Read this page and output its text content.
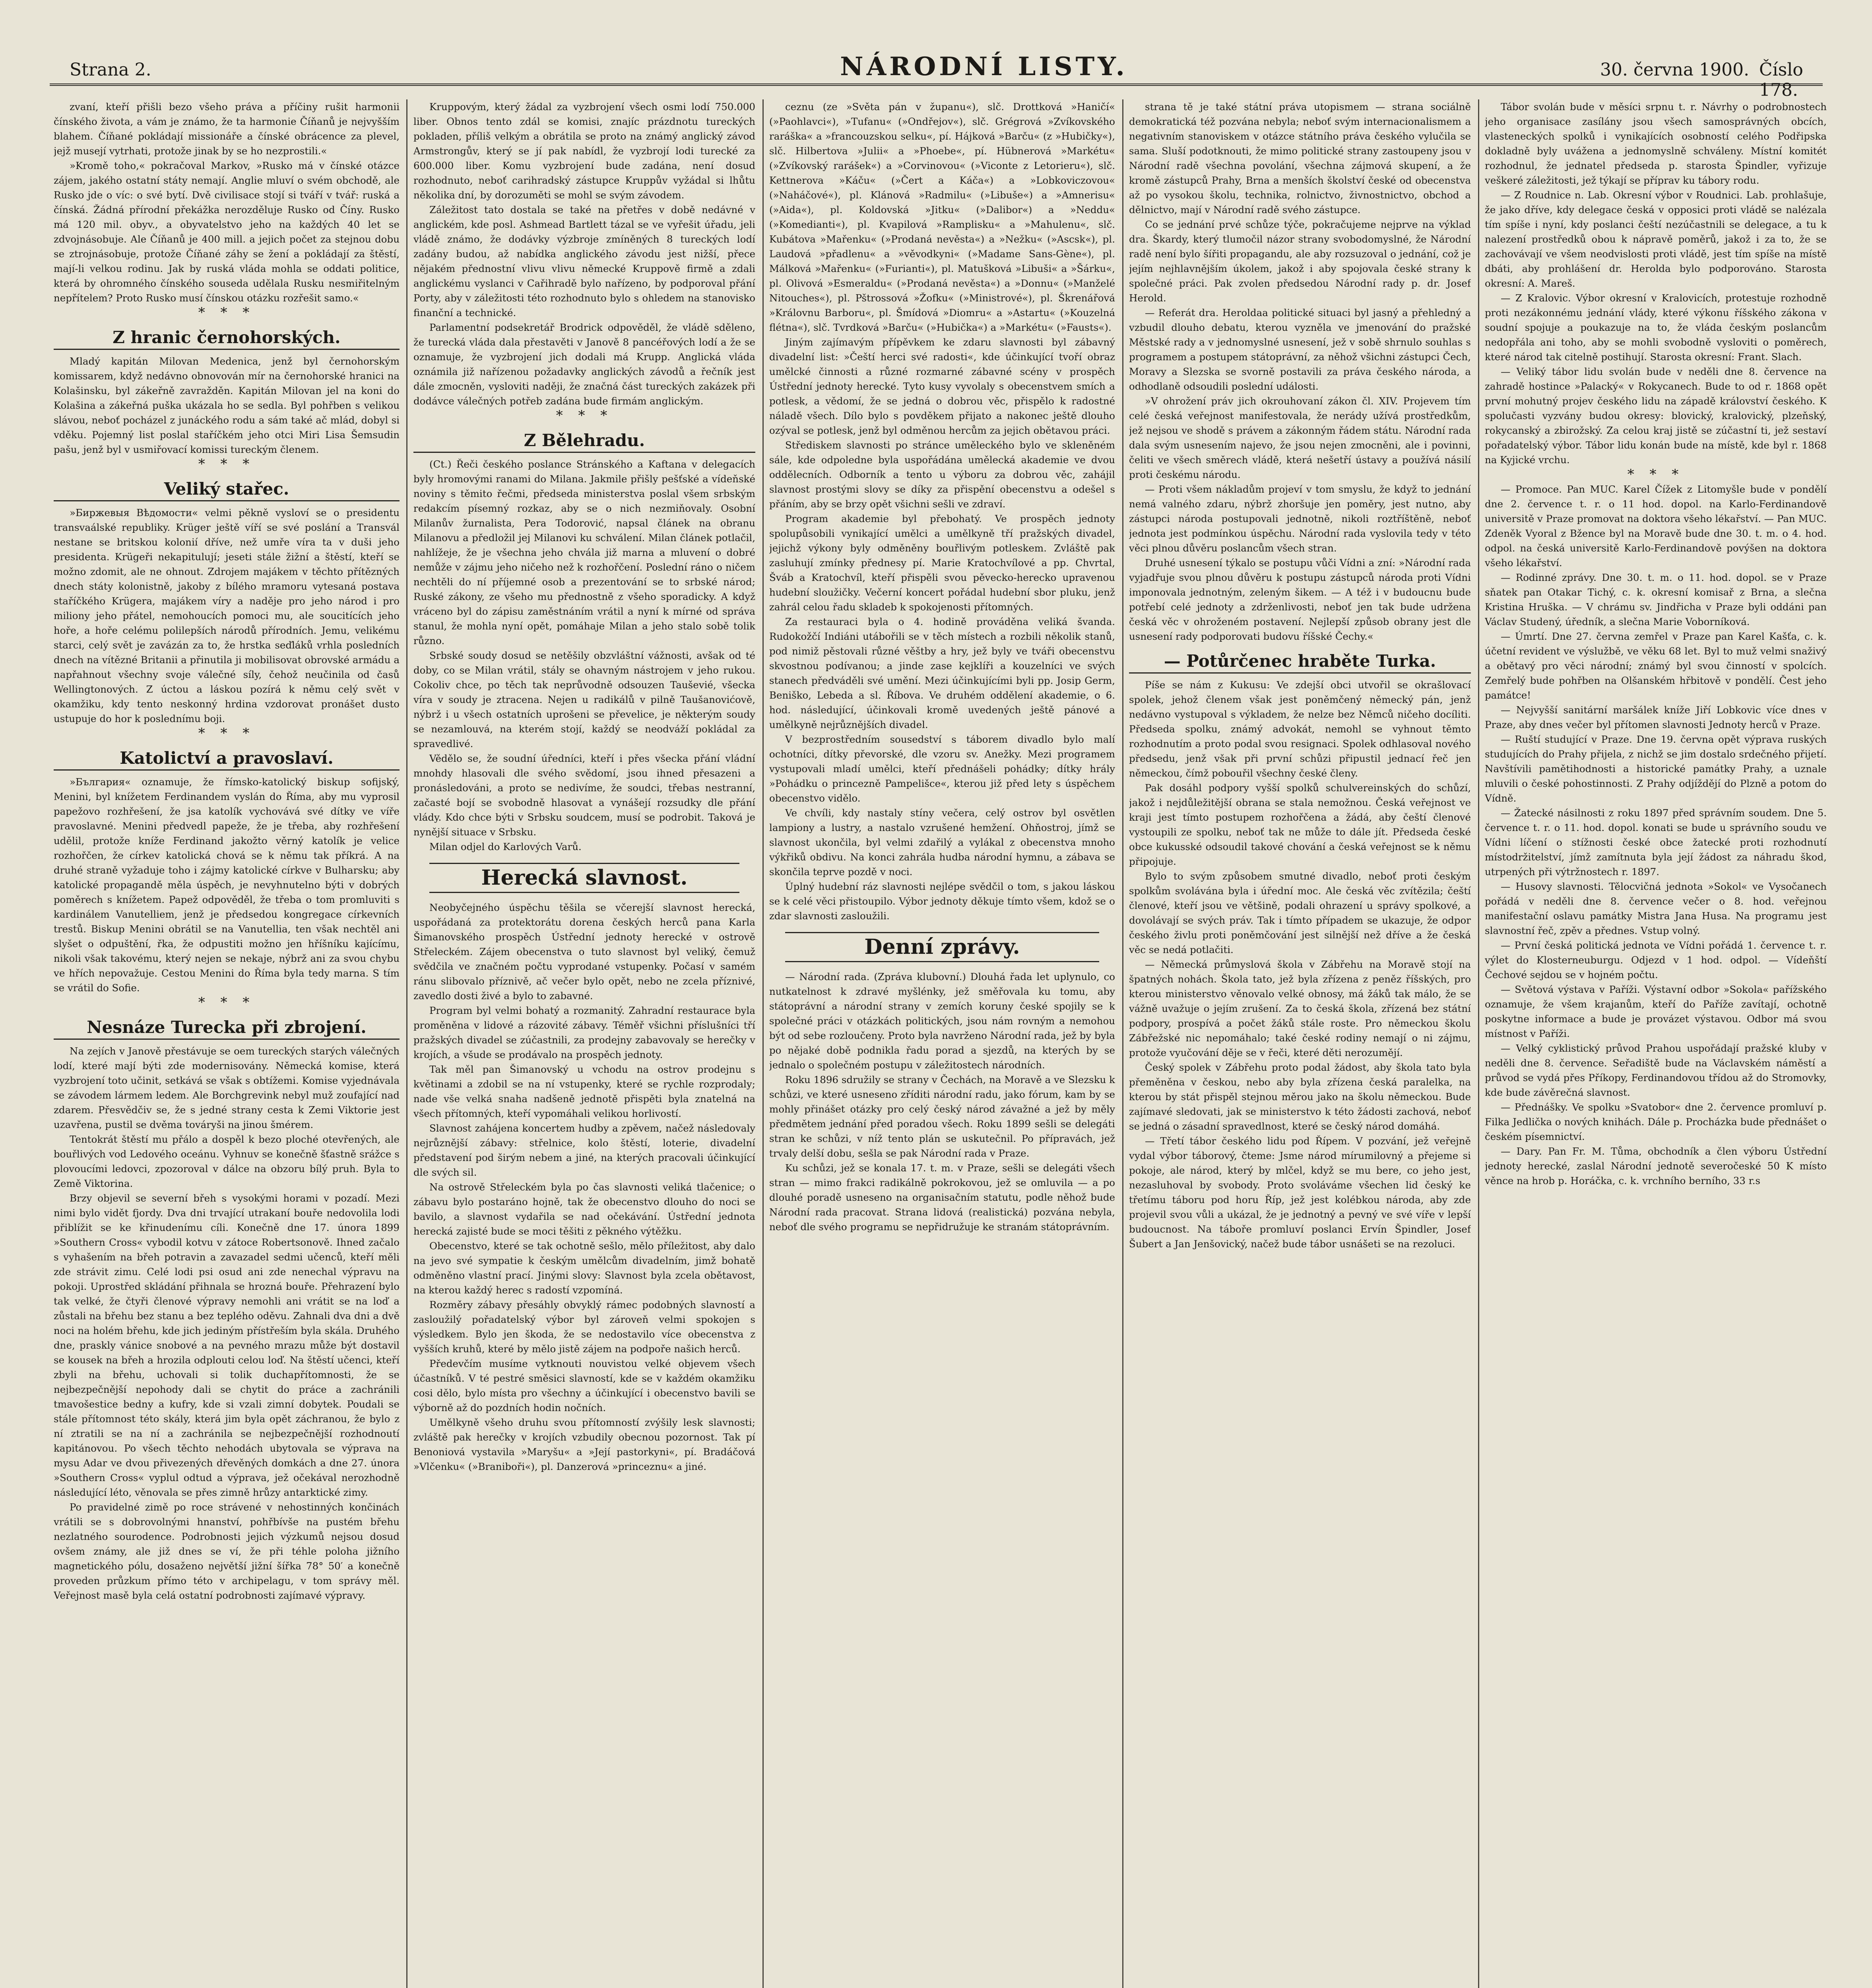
Strana 2.	NÁRODNÍ LISTY.	30. června 1900. Číslo 178.

zvaní, kteří přišli bezo všeho práva a příčiny rušit harmonii čínského života, a vám je známo, že ta harmonie Číňanů je nejvyšším blahem. Číňané pokládají missionáře a čínské obrácence za plevel, jejž musejí vytrhati, protože jinak by se ho nezprostili.«

»Kromě toho,« pokračoval Markov, »Rusko má v čínské otázce zájem, jakého ostatní státy nemají. Anglie mluví o svém obchodě, ale Rusko jde o víc: o své bytí. Dvě civilisace stojí si tváří v tvář: ruská a čínská. Žádná přírodní překážka nerozděluje Rusko od Číny. Rusko má 120 mil. obyv., a obyvatelstvo jeho na každých 40 let se zdvojnásobuje. Ale Číňanů je 400 mill. a jejich počet za stejnou dobu se ztrojnásobuje, protože Číňané záhy se žení a pokládají za štěstí, mají-li velkou rodinu. Jak by ruská vláda mohla se oddati politice, která by ohromného čínského souseda udělala Rusku nesmiřitelným nepřítelem? Proto Rusko musí čínskou otázku rozřešit samo.«

* * *
Z hranic černohorských.

Mladý kapitán Milovan Medenica, jenž byl černohorským komissarem, když nedávno obnovován mír na černohorské hranici na Kolašinsku, byl zákeřně zavražděn. Kapitán Milovan jel na koni do Kolašina a zákeřná puška ukázala ho se sedla. Byl pohřben s velikou slávou, neboť pocházel z junáckého rodu a sám také ač mlád, dobyl si vděku. Pojemný list poslal staříčkém jeho otci Miri Lisa Šemsudin pašu, jenž byl v usmiřovací komissi tureckým členem.

* * *
Veliký stařec.

»Биржевыя Вѣдомости« velmi pěkně vysloví se o presidentu transvaálské republiky. Krüger ještě víří se své poslání a Transvál nestane se britskou kolonií dříve, než umře víra ta v duši jeho presidenta. Krügeři nekapitulují; jeseti stále žižní a štěstí, kteří se možno zdomit, ale ne ohnout. Zdrojem majákem v těchto přítězných dnech státy kolonistně, jakoby z bílého mramoru vytesaná postava staříčkého Krügera, majákem víry a naděje pro jeho národ i pro miliony jeho přátel, nemohoucích pomoci mu, ale soucitících jeho hoře, a hoře celému polilepších národů přírodních. Jemu, velikému starci, celý svět je zavázán za to, že hrstka seďláků vrhla posledních dnech na vítězné Britanii a přinutila ji mobilisovat obrovské armádu a napřahnout všechny svoje válečné síly, čehož neučinila od časů Wellingtonových. Z úctou a láskou pozírá k němu celý svět v okamžiku, kdy tento neskonný hrdina vzdorovat pronášet dusto ustupuje do hor k poslednímu boji.

* * *
Katolictví a pravoslaví.

»България« oznamuje, že římsko-katolický biskup sofijský, Menini, byl knížetem Ferdinandem vyslán do Říma, aby mu vyprosil papežovo rozhřešení, že jsa katolík vychovává své dítky ve víře pravoslavné. Menini předvedl papeže, že je třeba, aby rozhřešení udělil, protože kníže Ferdinand jakožto věrný katolík je velice rozhořčen, že církev katolická chová se k němu tak příkrá. A na druhé straně vyžaduje toho i zájmy katolické církve v Bulharsku; aby katolické propagandě měla úspěch, je nevyhnutelno býti v dobrých poměrech s knížetem. Papež odpověděl, že třeba o tom promluviti s kardinálem Vanutelliem, jenž je předsedou kongregace církevních trestů. Biskup Menini obrátil se na Vanutellia, ten však nechtěl ani slyšet o odpuštění, řka, že odpustiti možno jen hříšníku kajícímu, nikoli však takovému, který nejen se nekaje, nýbrž ani za svou chybu ve hřích nepovažuje. Cestou Menini do Říma byla tedy marna. S tím se vrátil do Sofie.

* * *
Nesnáze Turecka při zbrojení.

Na zejích v Janově přestávuje se oem tureckých starých válečných lodí, které mají býti zde modernisovány. Německá komise, která vyzbrojení toto učinit, setkává se však s obtížemi. Komise vyjednávala se závodem lármem ledem. Ale Borchgrevink nebyl muž zoufající nad zdarem. Přesvědčiv se, že s jedné strany cesta k Zemi Viktorie jest uzavřena, pustil se dvěma továryši na jinou šmérem.

Tentokrát štěstí mu přálo a dospěl k bezo ploché otevřených, ale bouřlivých vod Ledového oceánu. Vyhnuv se konečně šťastně srážce s plovoucími ledovci, zpozoroval v dálce na obzoru bílý pruh. Byla to Země Viktorina.

Brzy objevil se severní břeh s vysokými horami v pozadí. Mezi nimi bylo vidět fjordy. Dva dni trvající utrakaní bouře nedovolila lodi přiblížit se ke křinudenímu cíli. Konečně dne 17. února 1899 »Southern Cross« vybodil kotvu v zátoce Robertsonově. Ihned začalo s vyhašením na břeh potravin a zavazadel sedmi učenců, kteří měli zde strávit zimu. Celé lodi psi osud ani zde nenechal výpravu na pokoji. Uprostřed skládání přihnala se hrozná bouře. Přehrazení bylo tak velké, že čtyři členové výpravy nemohli ani vrátit se na loď a zůstali na břehu bez stanu a bez teplého oděvu. Zahnali dva dni a dvě noci na holém břehu, kde jich jediným přístřeším byla skála. Druhého dne, praskly vánice snobové a na pevného mrazu může být dostavil se kousek na břeh a hrozila odplouti celou loď. Na štěstí učenci, kteří zbyli na břehu, uchovali si tolik duchapřítomnosti, že se nejbezpečnější nepohody dali se chytit do práce a zachránili tmavošestice bedny a kufry, kde si vzali zimní dobytek. Poudali se stále přítomnost této skály, která jim byla opět záchranou, že bylo z ní ztratili se na ní a zachránila se nejbezpečnější rozhodnoutí kapitánovou. Po všech těchto nehodách ubytovala se výprava na mysu Adar ve dvou přivezených dřevěných domkách a dne 27. února »Southern Cross« vyplul odtud a výprava, jež očekával nerozhodně následující léto, věnovala se přes zimně hrůzy antarktické zimy.

Po pravidelné zimě po roce strávené v nehostinných končinách vrátili se s dobrovolnými hnanství, pohřbívše na pustém břehu nezlatného sourodence. Podrobnosti jejich výzkumů nejsou dosud ovšem známy, ale již dnes se ví, že při téhle poloha jižního magnetického pólu, dosaženo největší jižní šířka 78° 50′ a konečně proveden průzkum přímo této v archipelagu, v tom správy měl. Veřejnost masě byla celá ostatní podrobnosti zajímavé výpravy.

Kruppovým, který žádal za vyzbrojení všech osmi lodí 750.000 liber. Obnos tento zdál se komisi, znajíc prázdnotu tureckých pokladen, příliš velkým a obrátila se proto na známý anglický závod Armstrongův, který se jí pak nabídl, že vyzbrojí lodi turecké za 600.000 liber. Komu vyzbrojení bude zadána, není dosud rozhodnuto, neboť carihradský zástupce Kruppův vyžádal si lhůtu několika dní, by dorozuměti se mohl se svým závodem.

Záležitost tato dostala se také na přetřes v době nedávné v anglickém, kde posl. Ashmead Bartlett tázal se ve vyřešit úřadu, jeli vládě známo, že dodávky výzbroje zmíněných 8 tureckých lodí zadány budou, až nabídka anglického závodu jest nižší, přece nějakém přednostní vlivu vlivu německé Kruppově firmě a zdali anglickému vyslanci v Cařihradě bylo nařízeno, by podporoval přání Porty, aby v záležitosti této rozhodnuto bylo s ohledem na stanovisko finanční a technické.

Parlamentní podsekretář Brodrick odpověděl, že vládě sděleno, že turecká vláda dala přestavěti v Janově 8 pancéřových lodí a že se oznamuje, že vyzbrojení jich dodali má Krupp. Anglická vláda oznámila již nařízenou požadavky anglických závodů a řečník jest dále zmocněn, vysloviti naději, že značná část tureckých zakázek při dodávce válečných potřeb zadána bude firmám anglickým.

* * *
Z Bělehradu.

(Ct.) Řeči českého poslance Stránského a Kaftana v delegacích byly hromovými ranami do Milana. Jakmile přišly pešťské a vídeňské noviny s těmito řečmi, předseda ministerstva poslal všem srbským redakcím písemný rozkaz, aby se o nich nezmiňovaly. Osobní Milanův žurnalista, Pera Todorović, napsal článek na obranu Milanovu a předložil jej Milanovi ku schválení. Milan článek potlačil, nahlížeje, že je všechna jeho chvála již marna a mluvení o dobré nemůže v zájmu jeho ničeho než k rozhořčení. Poslední ráno o ničem nechtěli do ní příjemné osob a prezentování se to srbské národ; Ruské zákony, ze všeho mu přednostně z všeho sporadicky. A když vráceno byl do zápisu zaměstnáním vrátil a nyní k mírné od správa stanul, že mohla nyní opět, pomáhaje Milan a jeho stalo sobě tolik různo.

Srbské soudy dosud se netěšily obzvláštní vážnosti, avšak od té doby, co se Milan vrátil, stály se ohavným nástrojem v jeho rukou. Cokoliv chce, po těch tak neprůvodně odsouzen Tauševié, všecka víra v soudy je ztracena. Nejen u radikálů v pilně Taušanovićově, nýbrž i u všech ostatních uprošeni se převelice, je některým soudy se nezamlouvá, na kterém stojí, každý se neodváží pokládal za spravedlivé.

Vědělo se, že soudní úředníci, kteří i přes všecka přání vládní mnohdy hlasovali dle svého svědomí, jsou ihned přesazeni a pronásledováni, a proto se nedivíme, že soudci, třebas nestranní, začasté bojí se svobodně hlasovat a vynášejí rozsudky dle přání vlády. Kdo chce býti v Srbsku soudcem, musí se podrobit. Taková je nynější situace v Srbsku.

Milan odjel do Karlových Varů.

Herecká slavnost.

Neobyčejného úspěchu těšila se včerejší slavnost herecká, uspořádaná za protektorátu dorena českých herců pana Karla Šimanovského prospěch Ústřední jednoty herecké v ostrově Střeleckém. Zájem obecenstva o tuto slavnost byl veliký, čemuž svědčila ve značném počtu vyprodané vstupenky. Počasí v samém ránu slibovalo příznivě, ač večer bylo opět, nebo ne zcela příznivé, zavedlo dosti živé a bylo to zabavné.

Program byl velmi bohatý a rozmanitý. Zahradní restaurace byla proměněna v lidové a rázovité zábavy. Téměř všichni příslušníci tří pražských divadel se zúčastnili, za prodejny zabavovaly se herečky v krojích, a všude se prodávalo na prospěch jednoty.

Tak měl pan Šimanovský u vchodu na ostrov prodejnu s květinami a zdobil se na ní vstupenky, které se rychle rozprodaly; nade vše velká snaha nadšeně jednotě přispěti byla znatelná na všech přítomných, kteří vypomáhali velikou horlivostí.

Slavnost zahájena koncertem hudby a zpěvem, načež následovaly nejrůznější zábavy: střelnice, kolo štěstí, loterie, divadelní představení pod širým nebem a jiné, na kterých pracovali účinkující dle svých sil.

Na ostrově Střeleckém byla po čas slavnosti veliká tlačenice; o zábavu bylo postaráno hojně, tak že obecenstvo dlouho do noci se bavilo, a slavnost vydařila se nad očekávání. Ústřední jednota herecká zajisté bude se moci těšiti z pěkného výtěžku.

Obecenstvo, které se tak ochotně sešlo, mělo příležitost, aby dalo na jevo své sympatie k českým umělcům divadelním, jimž bohatě odměněno vlastní prací. Jinými slovy: Slavnost byla zcela obětavost, na kterou každý herec s radostí vzpomíná.

Rozměry zábavy přesáhly obvyklý rámec podobných slavností a zasloužilý pořadatelský výbor byl zároveň velmi spokojen s výsledkem. Bylo jen škoda, že se nedostavilo více obecenstva z vyšších kruhů, které by mělo jistě zájem na podpoře našich herců.

Předevčím musíme vytknouti nouvistou velké objevem všech účastníků. V té pestré směsici slavností, kde se v každém okamžiku cosi dělo, bylo místa pro všechny a účinkující i obecenstvo bavili se výborně až do pozdních hodin nočních.

Umělkyně všeho druhu svou přítomností zvýšily lesk slavnosti; zvláště pak herečky v krojích vzbudily obecnou pozornost. Tak pí Benoniová vystavila »Maryšu« a »Její pastorkyni«, pí. Bradáčová »Vlčenku« (»Braniboři«), pl. Danzerová »princeznu« a jiné.

ceznu (ze »Světa pán v županu«), slč. Drottková »Haničí« (»Paohlavci«), »Tufanu« (»Ondřejov«), slč. Grégrová »Zvíkovského raráška« a »francouzskou selku«, pí. Hájková »Barču« (z »Hubičky«), slč. Hilbertova »Julii« a »Phoebe«, pí. Hübnerová »Markétu« (»Zvíkovský rarášek«) a »Corvinovou« (»Viconte z Letorieru«), slč. Kettnerova »Káču« (»Čert a Káča«) a »Lobkoviczovou« (»Naháčové«), pl. Klánová »Radmilu« (»Libuše«) a »Amnerisu« (»Aida«), pl. Koldovská »Jitku« (»Dalibor«) a »Neddu« (»Komedianti«), pl. Kvapilová »Ramplisku« a »Mahulenu«, slč. Kubátova »Mařenku« (»Prodaná nevěsta«) a »Nežku« (»Ascsk«), pl. Laudová »přadlenu« a »věvodkyni« (»Madame Sans-Gène«), pl. Málková »Mařenku« (»Furianti«), pl. Matušková »Libuši« a »Šárku«, pl. Olivová »Esmeraldu« (»Prodaná nevěsta«) a »Donnu« (»Manželé Nitouches«), pl. Pštrossová »Žofku« (»Ministrové«), pl. Škrenářová »Královnu Barboru«, pl. Šmídová »Diomru« a »Astartu« (»Kouzelná flétna«), slč. Tvrdková »Barču« (»Hubička«) a »Markétu« (»Fausts«).

Jiným zajímavým přípěvkem ke zdaru slavnosti byl zábavný divadelní list: »Čeští herci své radosti«, kde účinkující tvoří obraz umělcké činnosti a různé rozmarné zábavné scény v prospěch Ústřední jednoty herecké. Tyto kusy vyvolaly s obecenstvem smích a potlesk, a vědomí, že se jedná o dobrou věc, přispělo k radostné náladě všech. Dílo bylo s povděkem přijato a nakonec ještě dlouho ozýval se potlesk, jenž byl odměnou hercům za jejich obětavou práci.

Střediskem slavnosti po stránce uměleckého bylo ve skleněném sále, kde odpoledne byla uspořádána umělecká akademie ve dvou oddělecních. Odborník a tento u výboru za dobrou věc, zahájil slavnost prostými slovy se díky za přispění obecenstvu a odešel s přáním, aby se brzy opět všichni sešli ve zdraví.

Program akademie byl přebohatý. Ve prospěch jednoty spolupůsobili vynikající umělci a umělkyně tří pražských divadel, jejichž výkony byly odměněny bouřlivým potleskem. Zvláště pak zasluhují zmínky přednesy pí. Marie Kratochvílové a pp. Chvrtal, Šváb a Kratochvíl, kteří přispěli svou pěvecko-herecko upravenou hudební sloužičky. Večerní koncert pořádal hudební sbor pluku, jenž zahrál celou řadu skladeb k spokojenosti přítomných.

Za restauraci byla o 4. hodině prováděna veliká švanda. Rudokožčí Indiáni utábořili se v těch místech a rozbili několik stanů, pod nimiž pěstovali různé věštby a hry, jež byly ve tváři obecenstvu skvostnou podívanou; a jinde zase kejklíři a kouzelníci ve svých stanech předváděli své umění. Mezi účinkujícími byli pp. Josip Germ, Beniško, Lebeda a sl. Říbova. Ve druhém oddělení akademie, o 6. hod. následující, účinkovali kromě uvedených ještě pánové a umělkyně nejrůznějších divadel.

V bezprostředním sousedství s táborem divadlo bylo malí ochotníci, dítky převorské, dle vzoru sv. Anežky. Mezi programem vystupovali mladí umělci, kteří přednášeli pohádky; dítky hrály »Pohádku o princezně Pampelišce«, kterou již před lety s úspěchem obecenstvo vidělo.

Ve chvíli, kdy nastaly stíny večera, celý ostrov byl osvětlen lampiony a lustry, a nastalo vzrušené hemžení. Ohňostroj, jímž se slavnost ukončila, byl velmi zdařilý a vylákal z obecenstva mnoho výkřiků obdivu. Na konci zahrála hudba národní hymnu, a zábava se skončila teprve pozdě v noci.

Úplný hudební ráz slavnosti nejlépe svědčil o tom, s jakou láskou se k celé věci přistoupilo. Výbor jednoty děkuje tímto všem, kdož se o zdar slavnosti zasloužili.

Denní zprávy.

— Národní rada. (Zpráva klubovní.) Dlouhá řada let uplynulo, co nutkatelnost k zdravé myšlénky, jež směřovala ku tomu, aby státoprávní a národní strany v zemích koruny české spojily se k společné práci v otázkách politických, jsou nám rovným a nemohou být od sebe rozloučeny. Proto byla navrženo Národní rada, jež by byla po nějaké době podnikla řadu porad a sjezdů, na kterých by se jednalo o společném postupu v záležitostech národních.

Roku 1896 sdružily se strany v Čechách, na Moravě a ve Slezsku k schůzi, ve které usneseno zříditi národní radu, jako fórum, kam by se mohly přinášet otázky pro celý český národ závažné a jež by měly předmětem jednání před poradou všech. Roku 1899 sešli se delegáti stran ke schůzi, v níž tento plán se uskutečnil. Po přípravách, jež trvaly delší dobu, sešla se pak Národní rada v Praze.

Ku schůzi, jež se konala 17. t. m. v Praze, sešli se delegáti všech stran — mimo frakci radikálně pokrokovou, jež se omluvila — a po dlouhé poradě usneseno na organisačním statutu, podle něhož bude Národní rada pracovat. Strana lidová (realistická) pozvána nebyla, neboť dle svého programu se nepřidružuje ke stranám státoprávním.

strana tě je také státní práva utopismem — strana sociálně demokratická též pozvána nebyla; neboť svým internacionalismem a negativním stanoviskem v otázce státního práva českého vylučila se sama. Sluší podotknouti, že mimo politické strany zastoupeny jsou v Národní radě všechna povolání, všechna zájmová skupení, a že kromě zástupců Prahy, Brna a menších školství české od obecenstva až po vysokou školu, technika, rolnictvo, živnostnictvo, obchod a dělnictvo, mají v Národní radě svého zástupce.

Co se jednání prvé schůze týče, pokračujeme nejprve na výklad dra. Škardy, který tlumočil názor strany svobodomyslné, že Národní radě není bylo šířiti propagandu, ale aby rozsuzoval o jednání, což je jejím nejhlavnějším úkolem, jakož i aby spojovala české strany k společné práci. Pak zvolen předsedou Národní rady p. dr. Josef Herold.

— Referát dra. Heroldaa politické situaci byl jasný a přehledný a vzbudil dlouho debatu, kterou vyzněla ve jmenování do pražské Městské rady a v jednomyslné usnesení, jež v sobě shrnulo souhlas s programem a postupem státoprávní, za něhož všichni zástupci Čech, Moravy a Slezska se svorně postavili za práva českého národa, a odhodlaně odsoudili poslední události.

»V ohrožení práv jich okrouhovaní zákon čl. XIV. Projevem tím celé česká veřejnost manifestovala, že nerády užívá prostředkům, jež nejsou ve shodě s právem a zákonným řádem státu. Národní rada dala svým usnesením najevo, že jsou nejen zmocněni, ale i povinni, čeliti ve všech směrech vládě, která nešetří ústavy a používá násilí proti českému národu.

— Proti všem nákladům projeví v tom smyslu, že když to jednání nemá valného zdaru, nýbrž zhoršuje jen poměry, jest nutno, aby zástupci národa postupovali jednotně, nikoli roztříštěně, neboť jednota jest podmínkou úspěchu. Národní rada vyslovila tedy v této věci plnou důvěru poslancům všech stran.

Druhé usnesení týkalo se postupu vůči Vídni a zní: »Národní rada vyjadřuje svou plnou důvěru k postupu zástupců národa proti Vídni imponovala jednotným, zeleným šikem. — A též i v budoucnu bude potřebí celé jednoty a zdrženlivosti, neboť jen tak bude udržena česká věc v ohroženém postavení. Nejlepší způsob obrany jest dle usnesení rady podporovati budovu říšské Čechy.«

— Potůrčenec hraběte Turka.

Píše se nám z Kukusu: Ve zdejší obci utvořil se okrašlovací spolek, jehož členem však jest poněmčený německý pán, jenž nedávno vystupoval s výkladem, že nelze bez Němců ničeho docíliti. Předseda spolku, známý advokát, nemohl se vyhnout těmto rozhodnutím a proto podal svou resignaci. Spolek odhlasoval nového předsedu, jenž však při první schůzi připustil jednací řeč jen německou, čímž pobouřil všechny české členy.

Pak dosáhl podpory vyšší spolků schulvereinských do schůzí, jakož i nejdůležitější obrana se stala nemožnou. Česká veřejnost ve kraji jest tímto postupem rozhořčena a žádá, aby čeští členové vystoupili ze spolku, neboť tak ne může to dále jít. Předseda české obce kukusské odsoudil takové chování a česká veřejnost se k němu připojuje.

Bylo to svým způsobem smutné divadlo, neboť proti českým spolkům svolávána byla i úřední moc. Ale česká věc zvítězila; čeští členové, kteří jsou ve většině, podali ohrazení u správy spolkové, a dovolávají se svých práv. Tak i tímto případem se ukazuje, že odpor českého živlu proti poněmčování jest silnější než dříve a že česká věc se nedá potlačiti.

— Německá průmyslová škola v Zábřehu na Moravě stojí na špatných nohách. Škola tato, jež byla zřízena z peněz říšských, pro kterou ministerstvo věnovalo velké obnosy, má žáků tak málo, že se vážně uvažuje o jejím zrušení. Za to česká škola, zřízená bez státní podpory, prospívá a počet žáků stále roste. Pro německou školu Zábřežské nic nepomáhalo; také české rodiny nemají o ni zájmu, protože vyučování děje se v řeči, které děti nerozumějí.

Český spolek v Zábřehu proto podal žádost, aby škola tato byla přeměněna v českou, nebo aby byla zřízena česká paralelka, na kterou by stát přispěl stejnou měrou jako na školu německou. Bude zajímavé sledovati, jak se ministerstvo k této žádosti zachová, neboť se jedná o zásadní spravedlnost, které se český národ domáhá.

— Třetí tábor českého lidu pod Řípem. V pozvání, jež veřejně vydal výbor táborový, čteme: Jsme národ mírumilovný a přejeme si pokoje, ale národ, který by mlčel, když se mu bere, co jeho jest, nezasluhoval by svobody. Proto svoláváme všechen lid český ke třetímu táboru pod horu Říp, jež jest kolébkou národa, aby zde projevil svou vůli a ukázal, že je jednotný a pevný ve své víře v lepší budoucnost. Na táboře promluví poslanci Ervín Špindler, Josef Šubert a Jan Jenšovický, načež bude tábor usnášeti se na rezoluci.

Tábor svolán bude v měsíci srpnu t. r. Návrhy o podrobnostech jeho organisace zasílány jsou všech samosprávných obcích, vlasteneckých spolků i vynikajících osobností celého Podřipska dokladně byly uvážena a jednomyslně schváleny. Místní komitét rozhodnul, že jednatel předseda p. starosta Špindler, vyřizuje veškeré záležitosti, jež týkají se příprav ku tábory rodu.

— Z Roudnice n. Lab. Okresní výbor v Roudnici. Lab. prohlašuje, že jako dříve, kdy delegace česká v opposici proti vládě se nalézala tím spíše i nyní, kdy poslanci čeští nezúčastnili se delegace, a tu k nalezení prostředků obou k nápravě poměrů, jakož i za to, že se zachovávají ve všem neodvislosti proti vládě, jest tím spíše na místě dbáti, aby prohlášení dr. Herolda bylo podporováno. Starosta okresní: A. Mareš.

— Z Kralovic. Výbor okresní v Kralovicích, protestuje rozhodně proti nezákonnému jednání vlády, které výkonu říšského zákona v soudní spojuje a poukazuje na to, že vláda českým poslancům nedopřála ani toho, aby se mohli svobodně vysloviti o poměrech, které národ tak citelně postihují. Starosta okresní: Frant. Slach.

— Veliký tábor lidu svolán bude v neděli dne 8. července na zahradě hostince »Palacký« v Rokycanech. Bude to od r. 1868 opět první mohutný projev českého lidu na západě království českého. K spolučasti vyzvány budou okresy: blovický, kralovický, plzeňský, rokycanský a zbirožský. Za celou kraj jistě se zúčastní ti, jež sestaví pořadatelský výbor. Tábor lidu konán bude na místě, kde byl r. 1868 na Kyjické vrchu.

* * *

— Promoce. Pan MUC. Karel Čížek z Litomyšle bude v pondělí dne 2. července t. r. o 11 hod. dopol. na Karlo-Ferdinandově universitě v Praze promovat na doktora všeho lékařství. — Pan MUC. Zdeněk Vyoral z Bžence byl na Moravě bude dne 30. t. m. o 4. hod. odpol. na česká universitě Karlo-Ferdinandově povýšen na doktora všeho lékařství.

— Rodinné zprávy. Dne 30. t. m. o 11. hod. dopol. se v Praze sňatek pan Otakar Tichý, c. k. okresní komisař z Brna, a slečna Kristina Hruška. — V chrámu sv. Jindřicha v Praze byli oddáni pan Václav Studený, úředník, a slečna Marie Voborníková.

— Úmrtí. Dne 27. června zemřel v Praze pan Karel Kašťa, c. k. účetní revident ve výslužbě, ve věku 68 let. Byl to muž velmi snaživý a obětavý pro věci národní; známý byl svou činností v spolcích. Zemřelý bude pohřben na Olšanském hřbitově v pondělí. Čest jeho památce!

— Nejvyšší sanitární maršálek kníže Jiří Lobkovic více dnes v Praze, aby dnes večer byl přítomen slavnosti Jednoty herců v Praze.

— Ruští studující v Praze. Dne 19. června opět výprava ruských studujících do Prahy přijela, z nichž se jim dostalo srdečného přijetí. Navštívili pamětihodnosti a historické památky Prahy, a uznale mluvili o české pohostinnosti. Z Prahy odjíždějí do Plzně a potom do Vídně.

— Žatecké násilnosti z roku 1897 před správním soudem. Dne 5. července t. r. o 11. hod. dopol. konati se bude u správního soudu ve Vídni líčení o stížnosti české obce žatecké proti rozhodnutí místodržitelství, jímž zamítnuta byla její žádost za náhradu škod, utrpených při výtržnostech r. 1897.

— Husovy slavnosti. Tělocvičná jednota »Sokol« ve Vysočanech pořádá v neděli dne 8. července večer o 8. hod. veřejnou manifestační oslavu památky Mistra Jana Husa. Na programu jest slavnostní řeč, zpěv a přednes. Vstup volný.

— První česká politická jednota ve Vídni pořádá 1. července t. r. výlet do Klosterneuburgu. Odjezd v 1 hod. odpol. — Vídeňští Čechové sejdou se v hojném počtu.

— Světová výstava v Paříži. Výstavní odbor »Sokola« pařížského oznamuje, že všem krajanům, kteří do Paříže zavítají, ochotně poskytne informace a bude je provázet výstavou. Odbor má svou místnost v Paříži.

— Velký cyklistický průvod Prahou uspořádají pražské kluby v neděli dne 8. července. Seřadiště bude na Václavském náměstí a průvod se vydá přes Příkopy, Ferdinandovou třídou až do Stromovky, kde bude závěrečná slavnost.

— Přednášky. Ve spolku »Svatobor« dne 2. července promluví p. Filka Jedlička o nových knihách. Dále p. Procházka bude přednášet o českém písemnictví.

— Dary. Pan Fr. M. Tůma, obchodník a člen výboru Ústřední jednoty herecké, zaslal Národní jednotě severočeské 50 K místo věnce na hrob p. Horáčka, c. k. vrchního berního, 33 r.s
